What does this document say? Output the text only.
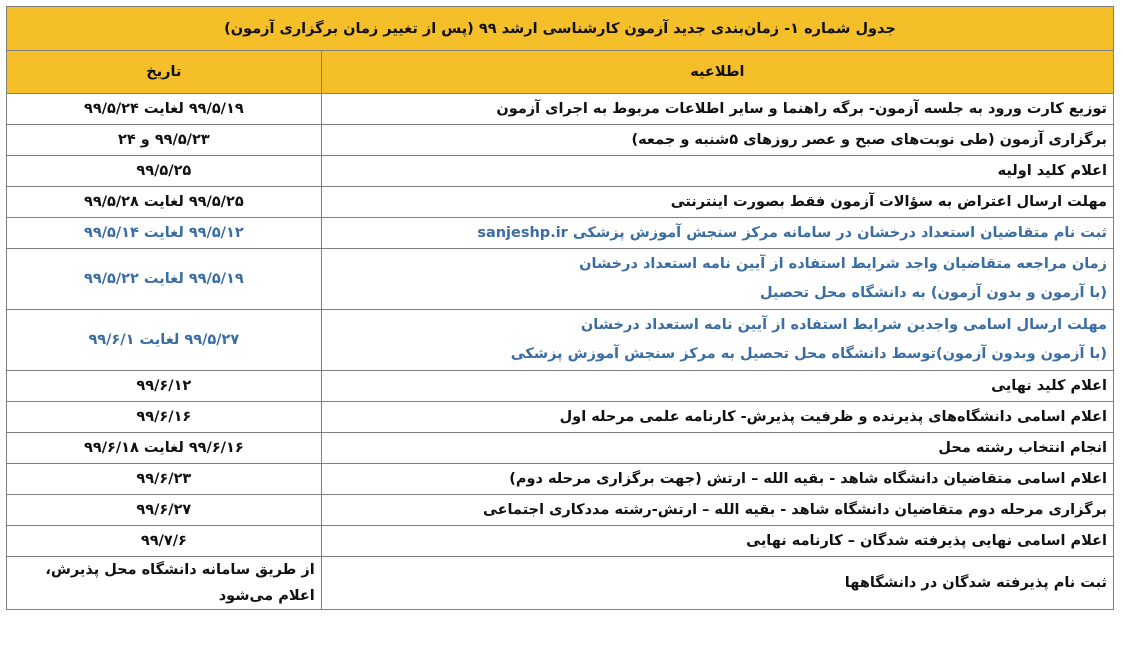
جدول شماره ۱- زمان‌بندی جدید آزمون کارشناسی ارشد ۹۹ (پس از تغییر زمان برگزاری آزمون)	
اطلاعیه	تاریخ

توزیع کارت ورود به جلسه آزمون- برگه راهنما و سایر اطلاعات مربوط به اجرای آزمون	۹۹/۵/۱۹ لغایت ۹۹/۵/۲۴

برگزاری آزمون (طی نوبت‌های صبح و عصر روزهای ۵شنبه و جمعه)	۹۹/۵/۲۳ و ۲۴

اعلام کلید اولیه	۹۹/۵/۲۵

مهلت ارسال اعتراض به سؤالات آزمون فقط بصورت اینترنتی	۹۹/۵/۲۵ لغایت ۹۹/۵/۲۸

ثبت نام متقاضیان استعداد درخشان در سامانه مرکز سنجش آموزش پزشکی sanjeshp.ir	۹۹/۵/۱۲ لغایت ۹۹/۵/۱۴

زمان مراجعه متقاضیان واجد شرایط استفاده از آیین نامه استعداد درخشان
(با آزمون و بدون آزمون) به دانشگاه محل تحصیل	۹۹/۵/۱۹ لغایت ۹۹/۵/۲۲

مهلت ارسال اسامی واجدین شرایط استفاده از آیین نامه استعداد درخشان
(با آزمون وبدون آزمون)توسط دانشگاه محل تحصیل به مرکز سنجش آموزش پزشکی	۹۹/۵/۲۷ لغایت ۹۹/۶/۱

اعلام کلید نهایی	۹۹/۶/۱۲

اعلام اسامی دانشگاه‌های پذیرنده و ظرفیت پذیرش- کارنامه علمی مرحله اول	۹۹/۶/۱۶

انجام انتخاب رشته محل	۹۹/۶/۱۶ لغایت ۹۹/۶/۱۸

اعلام اسامی متقاضیان دانشگاه شاهد - بقیه الله – ارتش (جهت برگزاری مرحله دوم)	۹۹/۶/۲۳

برگزاری مرحله دوم متقاضیان دانشگاه شاهد - بقیه الله – ارتش-رشته مددکاری اجتماعی	۹۹/۶/۲۷

اعلام اسامی نهایی پذیرفته شدگان – کارنامه نهایی	۹۹/۷/۶

ثبت نام پذیرفته شدگان در دانشگاهها	از طریق سامانه دانشگاه محل پذیرش، اعلام می‌شود
